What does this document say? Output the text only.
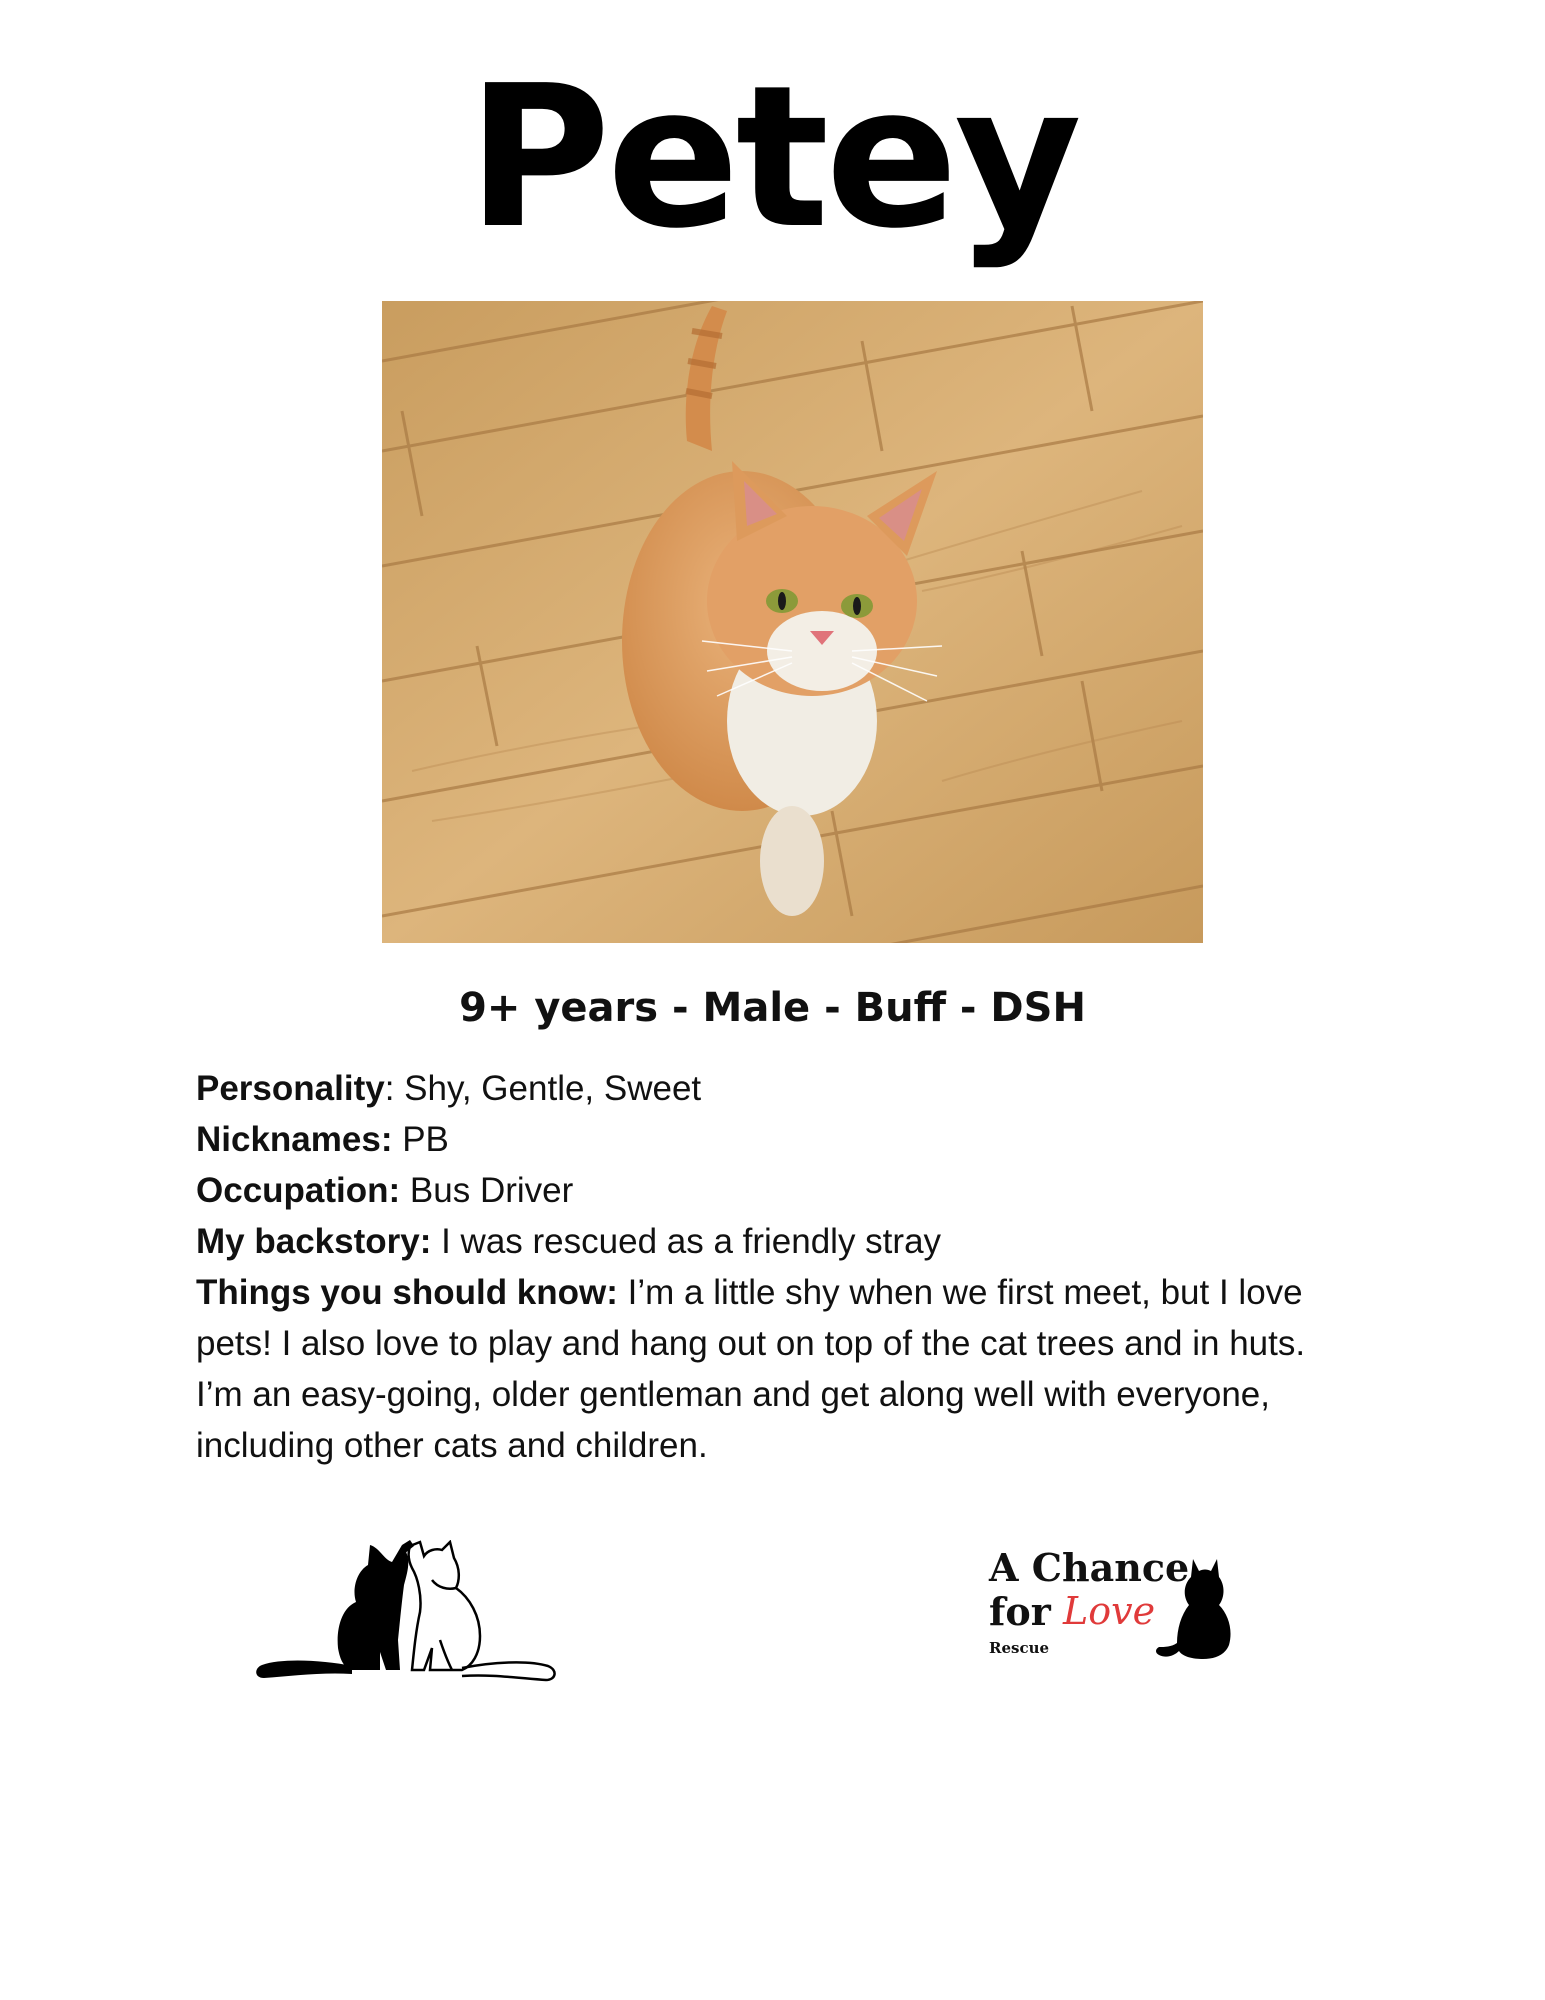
Petey
9+ years - Male - Buff - DSH
Personality: Shy, Gentle, Sweet
Nicknames: PB
Occupation: Bus Driver
My backstory: I was rescued as a friendly stray
Things you should know: I’m a little shy when we first meet, but I love pets! I also love to play and hang out on top of the cat trees and in huts. I’m an easy-going, older gentleman and get along well with everyone, including other cats and children.
A Chance
for Love
Rescue
